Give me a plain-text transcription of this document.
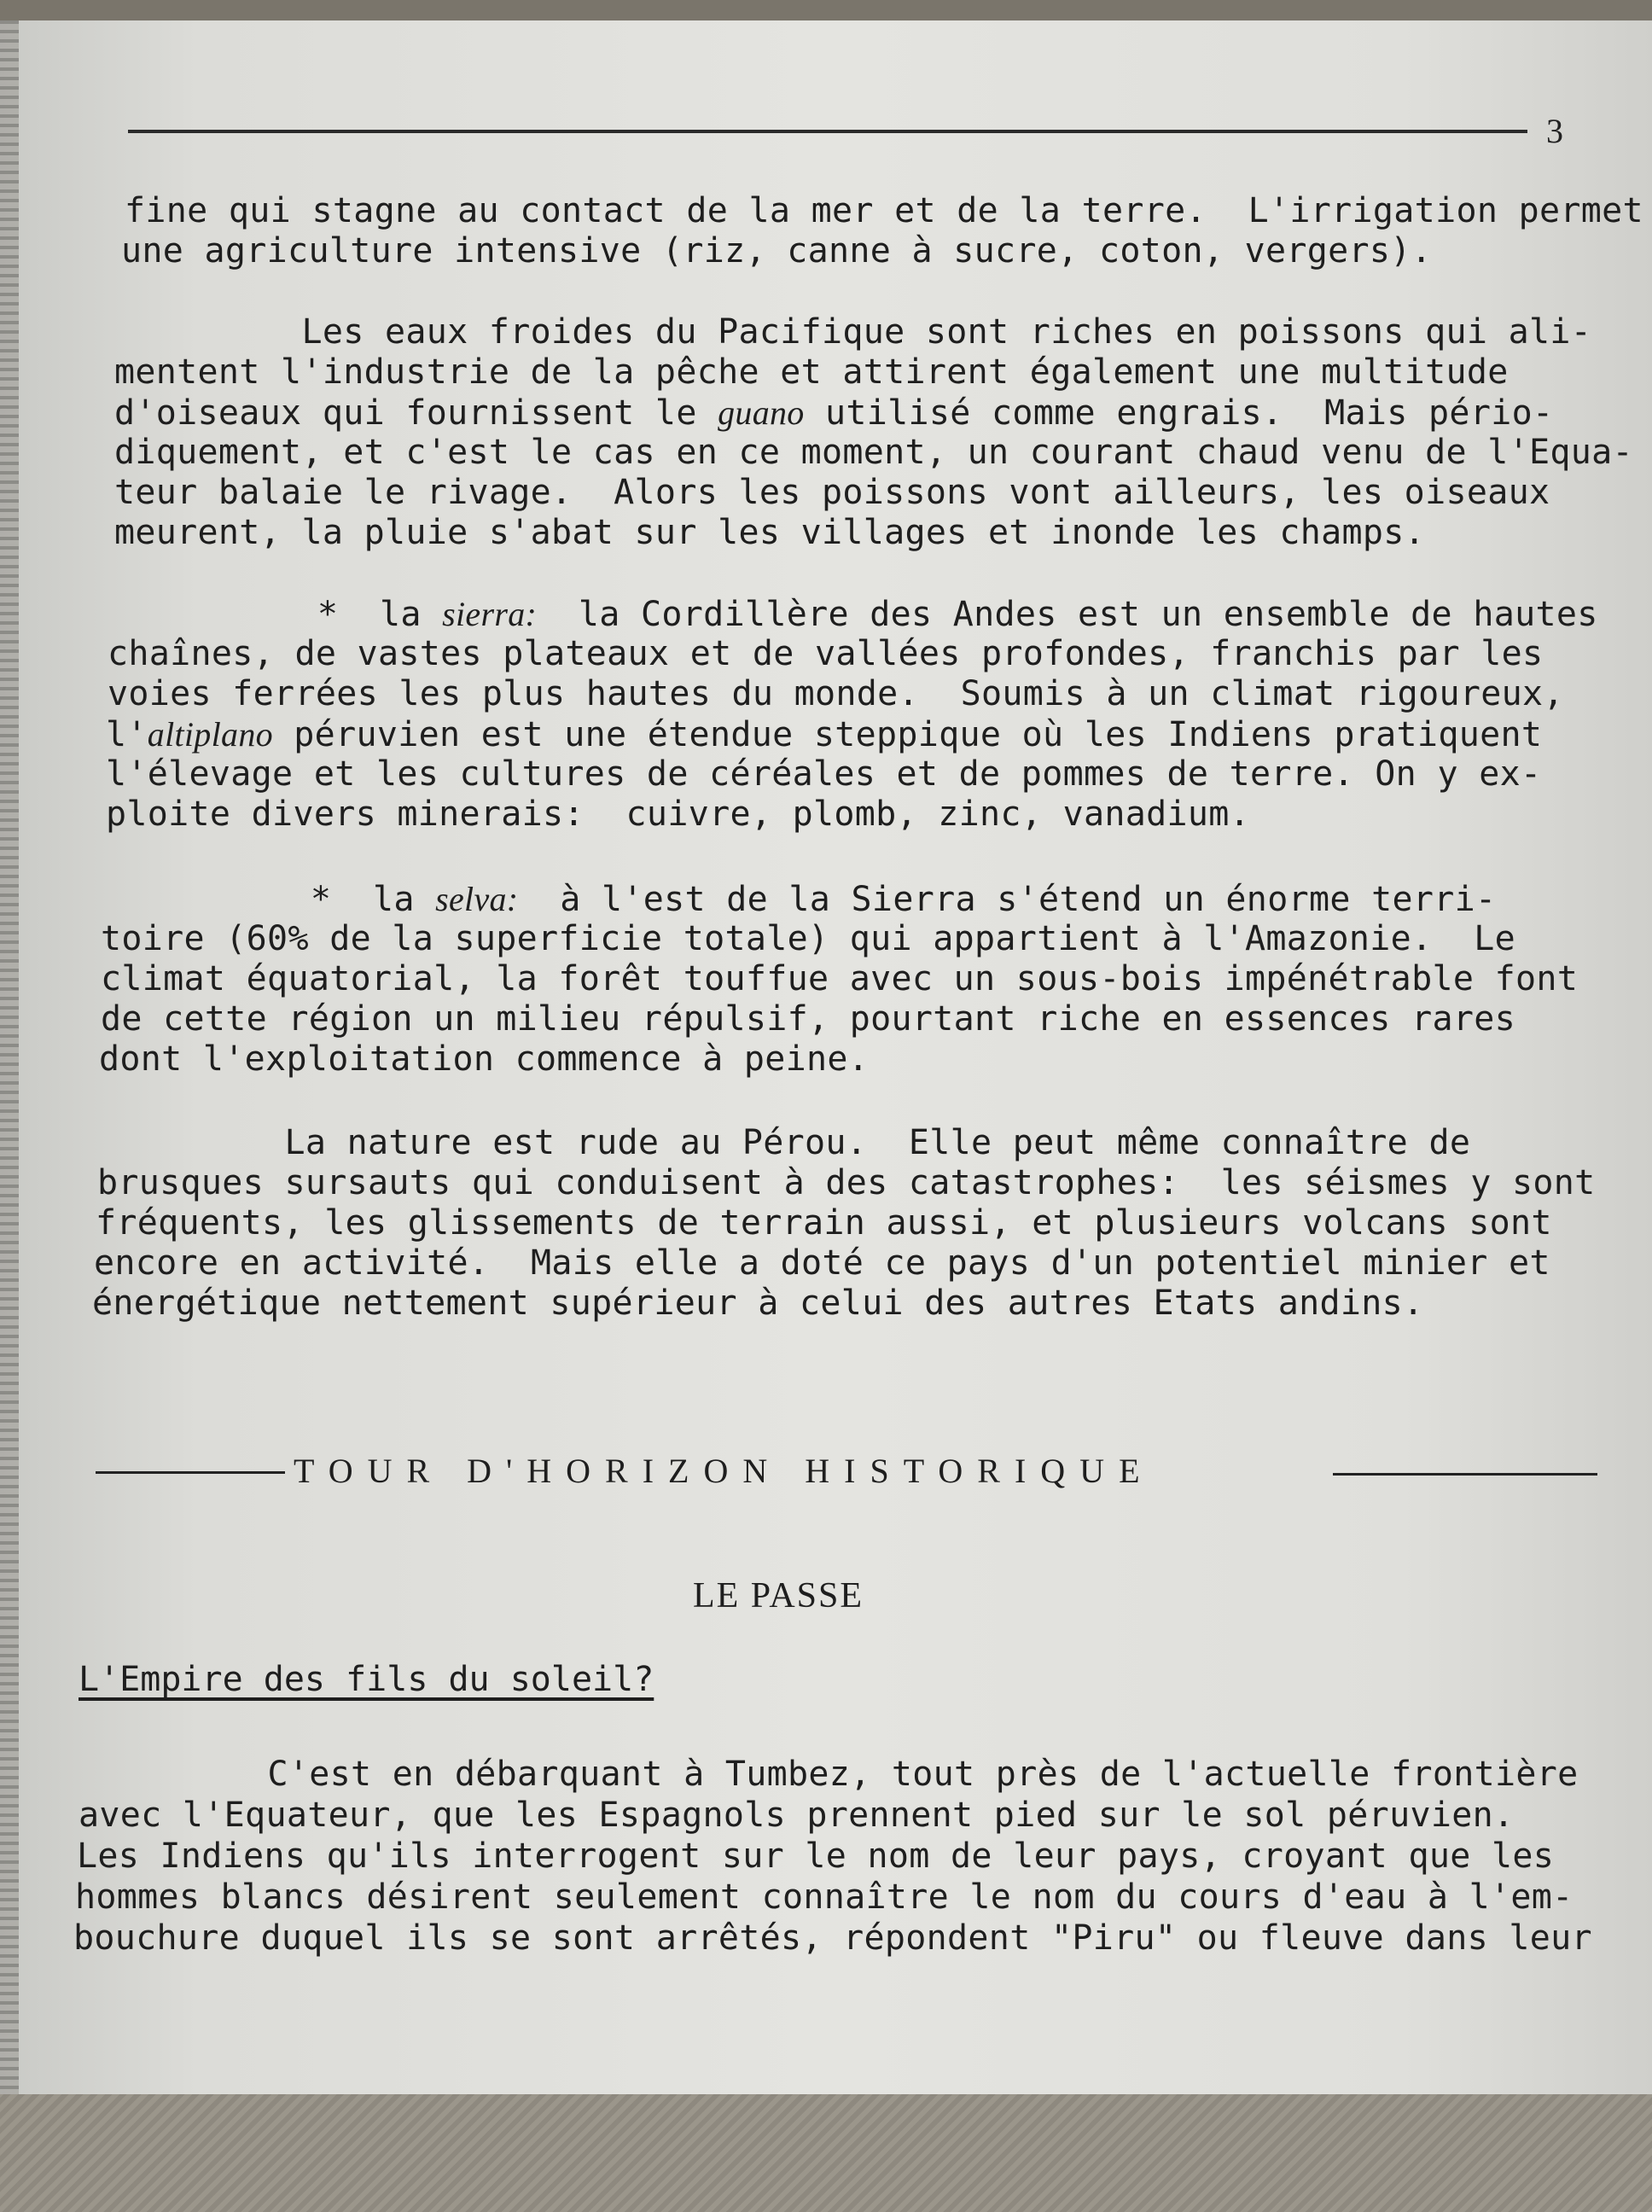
3
fine qui stagne au contact de la mer et de la terre.  L'irrigation permet
une agriculture intensive (riz, canne à sucre, coton, vergers).
Les eaux froides du Pacifique sont riches en poissons qui ali-
mentent l'industrie de la pêche et attirent également une multitude
d'oiseaux qui fournissent le guano utilisé comme engrais.  Mais pério-
diquement, et c'est le cas en ce moment, un courant chaud venu de l'Equa-
teur balaie le rivage.  Alors les poissons vont ailleurs, les oiseaux
meurent, la pluie s'abat sur les villages et inonde les champs.
*  la sierra:  la Cordillère des Andes est un ensemble de hautes
chaînes, de vastes plateaux et de vallées profondes, franchis par les
voies ferrées les plus hautes du monde.  Soumis à un climat rigoureux,
l'altiplano péruvien est une étendue steppique où les Indiens pratiquent
l'élevage et les cultures de céréales et de pommes de terre. On y ex-
ploite divers minerais:  cuivre, plomb, zinc, vanadium.
*  la selva:  à l'est de la Sierra s'étend un énorme terri-
toire (60% de la superficie totale) qui appartient à l'Amazonie.  Le
climat équatorial, la forêt touffue avec un sous-bois impénétrable font
de cette région un milieu répulsif, pourtant riche en essences rares
dont l'exploitation commence à peine.
La nature est rude au Pérou.  Elle peut même connaître de
brusques sursauts qui conduisent à des catastrophes:  les séismes y sont
fréquents, les glissements de terrain aussi, et plusieurs volcans sont
encore en activité.  Mais elle a doté ce pays d'un potentiel minier et
énergétique nettement supérieur à celui des autres Etats andins.
TOUR D'HORIZON HISTORIQUE
LE PASSE
L'Empire des fils du soleil?
C'est en débarquant à Tumbez, tout près de l'actuelle frontière
avec l'Equateur, que les Espagnols prennent pied sur le sol péruvien.
Les Indiens qu'ils interrogent sur le nom de leur pays, croyant que les
hommes blancs désirent seulement connaître le nom du cours d'eau à l'em-
bouchure duquel ils se sont arrêtés, répondent "Piru" ou fleuve dans leur
